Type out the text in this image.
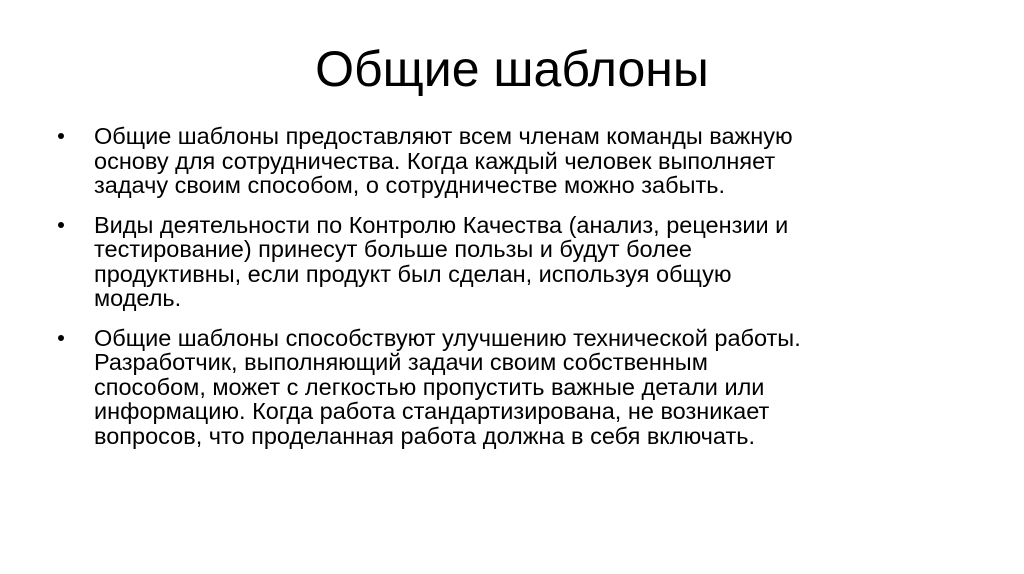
Общие шаблоны
Общие шаблоны предоставляют всем членам команды важную
основу для сотрудничества. Когда каждый человек выполняет
задачу своим способом, о сотрудничестве можно забыть.
Виды деятельности по Контролю Качества (анализ, рецензии и
тестирование) принесут больше пользы и будут более
продуктивны, если продукт был сделан, используя общую
модель.
Общие шаблоны способствуют улучшению технической работы.
Разработчик, выполняющий задачи своим собственным
способом, может с легкостью пропустить важные детали или
информацию. Когда работа стандартизирована, не возникает
вопросов, что проделанная работа должна в себя включать.
